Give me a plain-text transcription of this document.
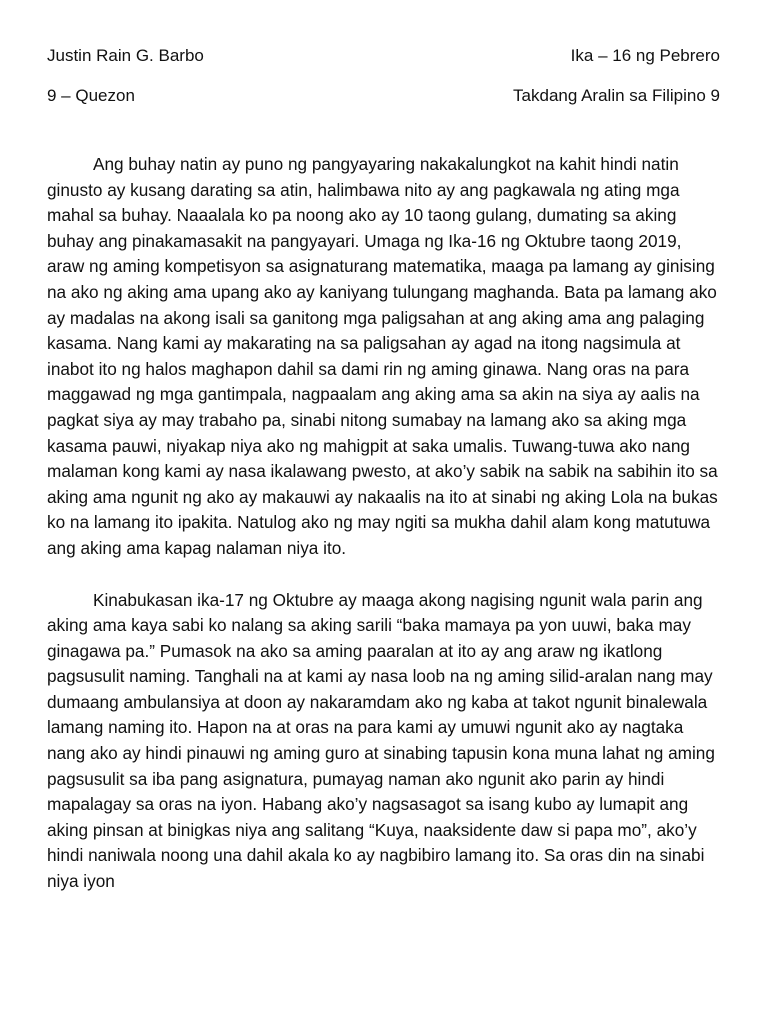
Justin Rain G. Barbo	Ika – 16 ng Pebrero
9 – Quezon	Takdang Aralin sa Filipino 9

Ang buhay natin ay puno ng pangyayaring nakakalungkot na kahit hindi natin ginusto ay kusang darating sa atin, halimbawa nito ay ang pagkawala ng ating mga mahal sa buhay. Naaalala ko pa noong ako ay 10 taong gulang, dumating sa aking buhay ang pinakamasakit na pangyayari. Umaga ng Ika-16 ng Oktubre taong 2019, araw ng aming kompetisyon sa asignaturang matematika, maaga pa lamang ay ginising na ako ng aking ama upang ako ay kaniyang tulungang maghanda. Bata pa lamang ako ay madalas na akong isali sa ganitong mga paligsahan at ang aking ama ang palaging kasama. Nang kami ay makarating na sa paligsahan ay agad na itong nagsimula at inabot ito ng halos maghapon dahil sa dami rin ng aming ginawa. Nang oras na para maggawad ng mga gantimpala, nagpaalam ang aking ama sa akin na siya ay aalis na pagkat siya ay may trabaho pa, sinabi nitong sumabay na lamang ako sa aking mga kasama pauwi, niyakap niya ako ng mahigpit at saka umalis. Tuwang-tuwa ako nang malaman kong kami ay nasa ikalawang pwesto, at ako’y sabik na sabik na sabihin ito sa aking ama ngunit ng ako ay makauwi ay nakaalis na ito at sinabi ng aking Lola na bukas ko na lamang ito ipakita. Natulog ako ng may ngiti sa mukha dahil alam kong matutuwa ang aking ama kapag nalaman niya ito.

Kinabukasan ika-17 ng Oktubre ay maaga akong nagising ngunit wala parin ang aking ama kaya sabi ko nalang sa aking sarili “baka mamaya pa yon uuwi, baka may ginagawa pa.” Pumasok na ako sa aming paaralan at ito ay ang araw ng ikatlong pagsusulit naming. Tanghali na at kami ay nasa loob na ng aming silid-aralan nang may dumaang ambulansiya at doon ay nakaramdam ako ng kaba at takot ngunit binalewala lamang naming ito. Hapon na at oras na para kami ay umuwi ngunit ako ay nagtaka nang ako ay hindi pinauwi ng aming guro at sinabing tapusin kona muna lahat ng aming pagsusulit sa iba pang asignatura, pumayag naman ako ngunit ako parin ay hindi mapalagay sa oras na iyon. Habang ako’y nagsasagot sa isang kubo ay lumapit ang aking pinsan at binigkas niya ang salitang “Kuya, naaksidente daw si papa mo”, ako’y hindi naniwala noong una dahil akala ko ay nagbibiro lamang ito. Sa oras din na sinabi niya iyon
